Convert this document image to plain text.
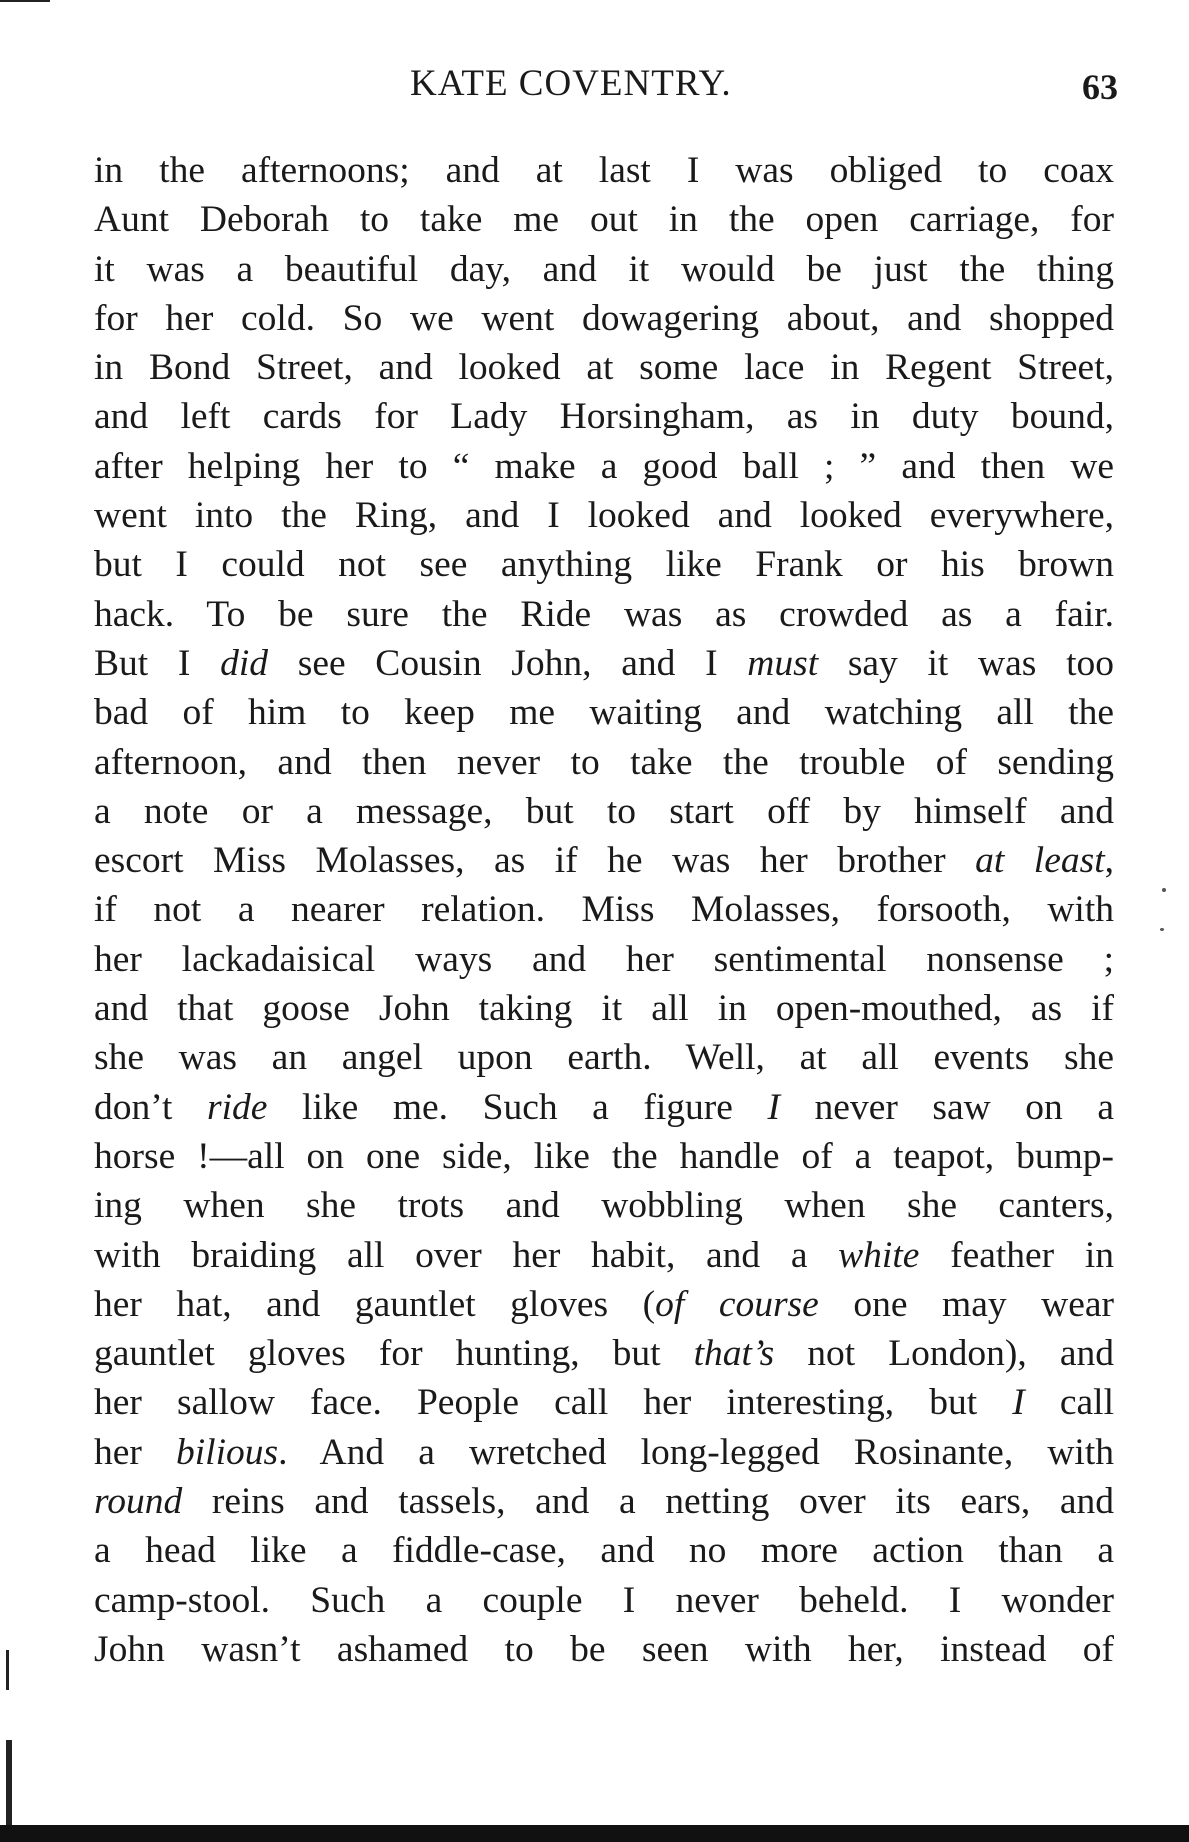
KATE COVENTRY.	63
in the afternoons; and at last I was obliged to coax
Aunt Deborah to take me out in the open carriage, for
it was a beautiful day, and it would be just the thing
for her cold. So we went dowagering about, and shopped
in Bond Street, and looked at some lace in Regent Street,
and left cards for Lady Horsingham, as in duty bound,
after helping her to “ make a good ball ; ” and then we
went into the Ring, and I looked and looked everywhere,
but I could not see anything like Frank or his brown
hack. To be sure the Ride was as crowded as a fair.
But I did see Cousin John, and I must say it was too
bad of him to keep me waiting and watching all the
afternoon, and then never to take the trouble of sending
a note or a message, but to start off by himself and
escort Miss Molasses, as if he was her brother at least,
if not a nearer relation. Miss Molasses, forsooth, with
her lackadaisical ways and her sentimental nonsense ;
and that goose John taking it all in open-mouthed, as if
she was an angel upon earth. Well, at all events she
don’t ride like me. Such a figure I never saw on a
horse !—all on one side, like the handle of a teapot, bump-
ing when she trots and wobbling when she canters,
with braiding all over her habit, and a white feather in
her hat, and gauntlet gloves (of course one may wear
gauntlet gloves for hunting, but that’s not London), and
her sallow face. People call her interesting, but I call
her bilious. And a wretched long-legged Rosinante, with
round reins and tassels, and a netting over its ears, and
a head like a fiddle-case, and no more action than a
camp-stool. Such a couple I never beheld. I wonder
John wasn’t ashamed to be seen with her, instead of
